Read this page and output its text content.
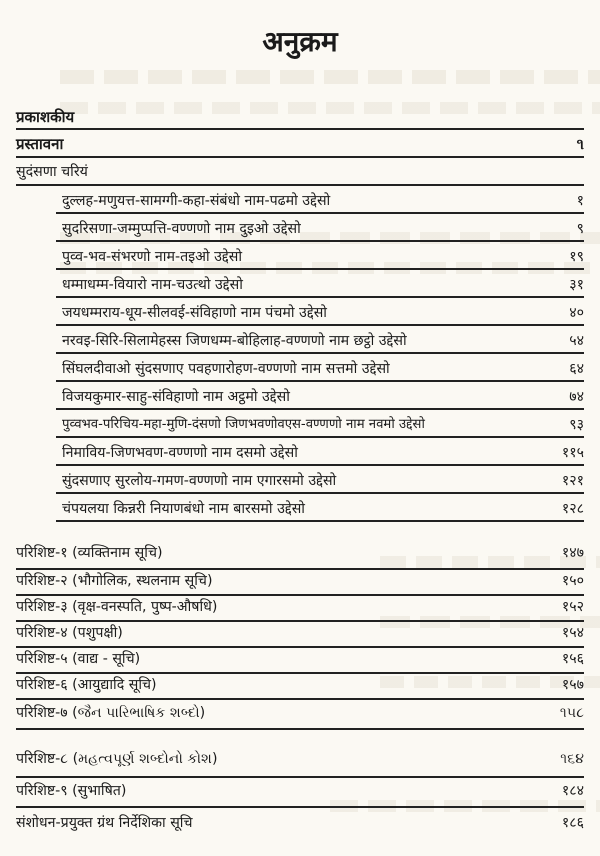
अनुक्रम
प्रकाशकीय
प्रस्तावना	૧
सुदंसणा चरियं
दुल्लह-मणुयत्त-सामग्गी-कहा-संबंधो नाम-पढमो उद्देसो	१
सुदरिसणा-जम्मुप्पत्ति-वण्णणो नाम दुइओ उद्देसो	९
पुव्व-भव-संभरणो नाम-तइओ उद्देसो	१९
धम्माधम्म-वियारो नाम-चउत्थो उद्देसो	३१
जयधम्मराय-धूय-सीलवई-संविहाणो नाम पंचमो उद्देसो	४०
नरवइ-सिरि-सिलामेहस्स जिणधम्म-बोहिलाह-वण्णणो नाम छट्ठो उद्देसो	५४
सिंघलदीवाओ सुंदसणाए पवहणारोहण-वण्णणो नाम सत्तमो उद्देसो	६४
विजयकुमार-साहु-संविहाणो नाम अट्ठमो उद्देसो	७४
पुव्वभव-परिचिय-महा-मुणि-दंसणो जिणभवणोवएस-वण्णणो नाम नवमो उद्देसो	९३
निमाविय-जिणभवण-वण्णणो नाम दसमो उद्देसो	११५
सुंदसणाए सुरलोय-गमण-वण्णणो नाम एगारसमो उद्देसो	१२१
चंपयलया किन्नरी नियाणबंधो नाम बारसमो उद्देसो	१२८
परिशिष्ट-१ (व्यक्तिनाम सूचि)	१४७
परिशिष्ट-२ (भौगोलिक, स्थलनाम सूचि)	१५०
परिशिष्ट-३ (वृक्ष-वनस्पति, पुष्प-औषधि)	१५२
परिशिष्ट-४ (पशुपक्षी)	१५४
परिशिष्ट-५ (वाद्य - सूचि)	१५६
परिशिष्ट-६ (आयुद्यादि सूचि)	१५७
परिशिष्ट-७ (જૈન પારિભાષિક શબ્દો)	૧૫૮
परिशिष्ट-૮ (મહત્વપૂર્ણ શબ્દોનો કોશ)	૧૬૪
परिशिष्ट-९ (सुभाषित)	१८४
संशोधन-प्रयुक्त ग्रंथ निर्देशिका सूचि	१८६
